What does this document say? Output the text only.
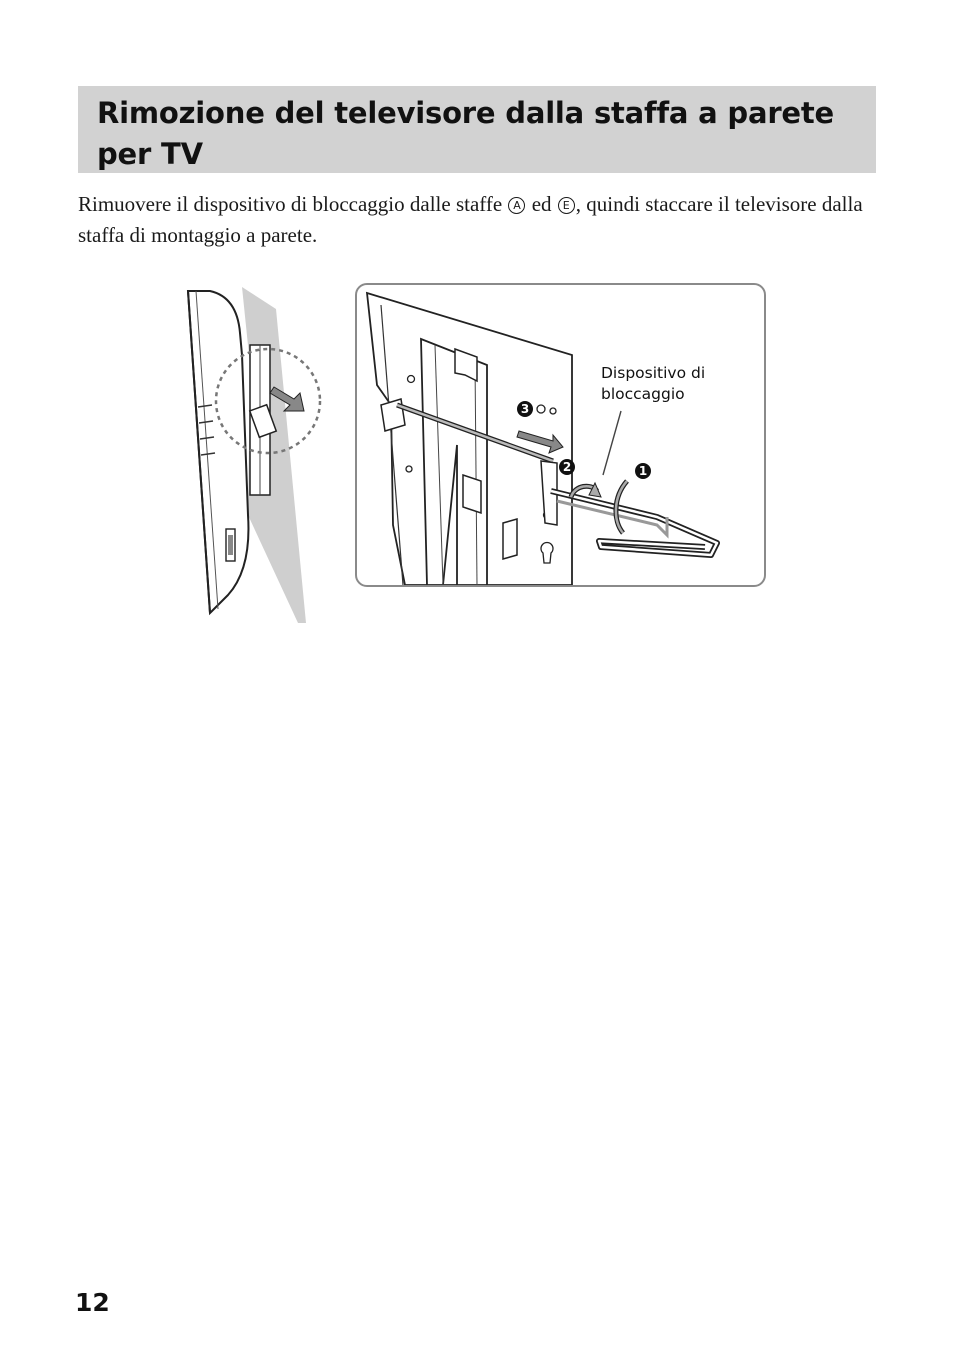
Rimozione del televisore dalla staffa a parete per TV

Rimuovere il dispositivo di bloccaggio dalle staffe A ed E , quindi staccare il televisore dalla staffa di montaggio a parete.

3
2	1

Dispositivo di
bloccaggio

12
